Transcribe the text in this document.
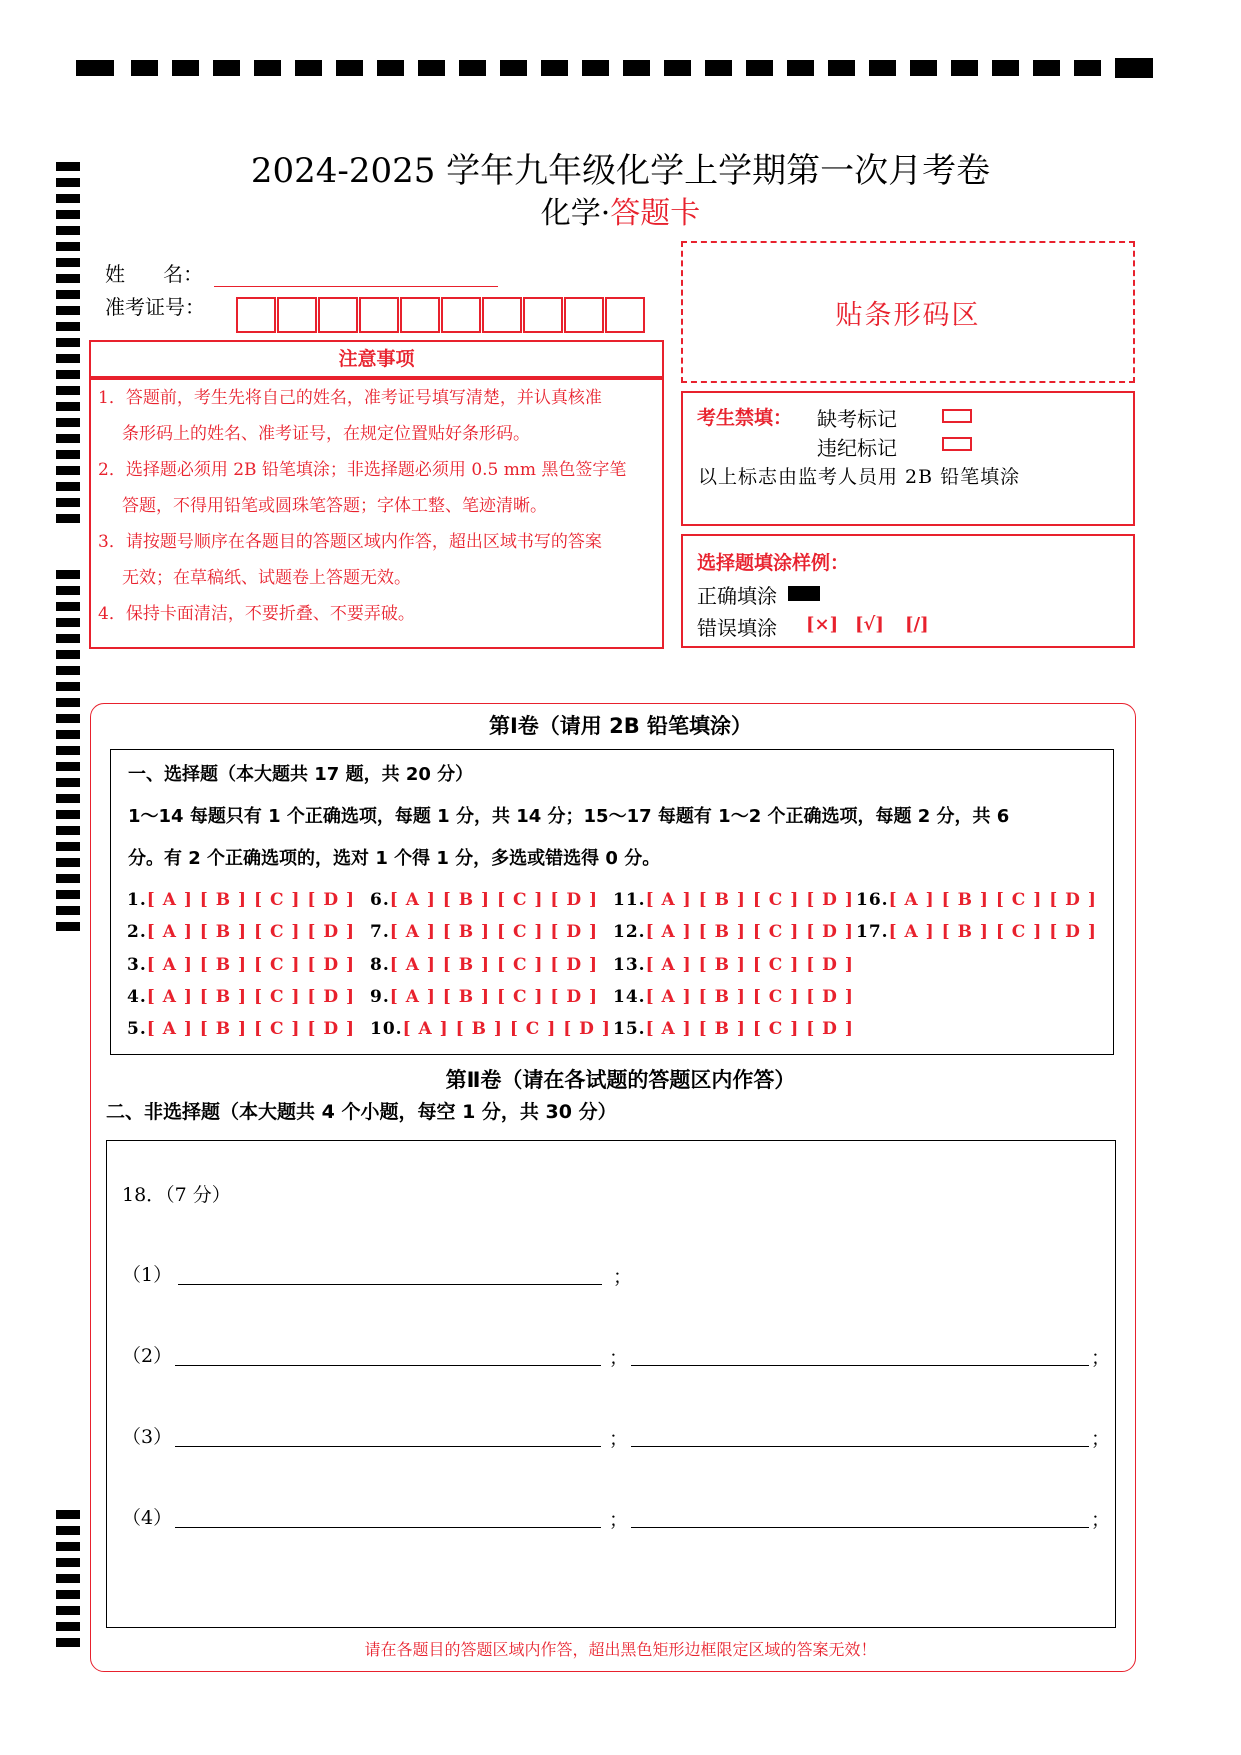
2024-2025 学年九年级化学上学期第一次月考卷
化学·答题卡
姓      名：
准考证号：	贴条形码区
注意事项
1．答题前，考生先将自己的姓名，准考证号填写清楚，并认真核准
条形码上的姓名、准考证号，在规定位置贴好条形码。
2．选择题必须用 2B 铅笔填涂；非选择题必须用 0.5 mm 黑色签字笔
答题，不得用铅笔或圆珠笔答题；字体工整、笔迹清晰。
3．请按题号顺序在各题目的答题区域内作答，超出区域书写的答案
无效；在草稿纸、试题卷上答题无效。
4．保持卡面清洁，不要折叠、不要弄破。
考生禁填： 缺考标记
违纪标记
以上标志由监考人员用 2B 铅笔填涂
选择题填涂样例：
正确填涂
错误填涂 [×] [√] [/]
第Ⅰ卷（请用 2B 铅笔填涂）
一、选择题（本大题共 17 题，共 20 分）
1～14 每题只有 1 个正确选项，每题 1 分，共 14 分；15～17 每题有 1～2 个正确选项，每题 2 分，共 6
分。有 2 个正确选项的，选对 1 个得 1 分，多选或错选得 0 分。
1.[ A ] [ B ] [ C ] [ D ]
2.[ A ] [ B ] [ C ] [ D ]
3.[ A ] [ B ] [ C ] [ D ]
4.[ A ] [ B ] [ C ] [ D ]
5.[ A ] [ B ] [ C ] [ D ]
6.[ A ] [ B ] [ C ] [ D ]
7.[ A ] [ B ] [ C ] [ D ]
8.[ A ] [ B ] [ C ] [ D ]
9.[ A ] [ B ] [ C ] [ D ]
10.[ A ] [ B ] [ C ] [ D ]
11.[ A ] [ B ] [ C ] [ D ]
12.[ A ] [ B ] [ C ] [ D ]
13.[ A ] [ B ] [ C ] [ D ]
14.[ A ] [ B ] [ C ] [ D ]
15.[ A ] [ B ] [ C ] [ D ]
16.[ A ] [ B ] [ C ] [ D ]
17.[ A ] [ B ] [ C ] [ D ]
第Ⅱ卷（请在各试题的答题区内作答）
二、非选择题（本大题共 4 个小题，每空 1 分，共 30 分）
18．（7 分）
（1）	；
（2）	；	；
（3）	；	；
（4）	；	；
请在各题目的答题区域内作答，超出黑色矩形边框限定区域的答案无效！
